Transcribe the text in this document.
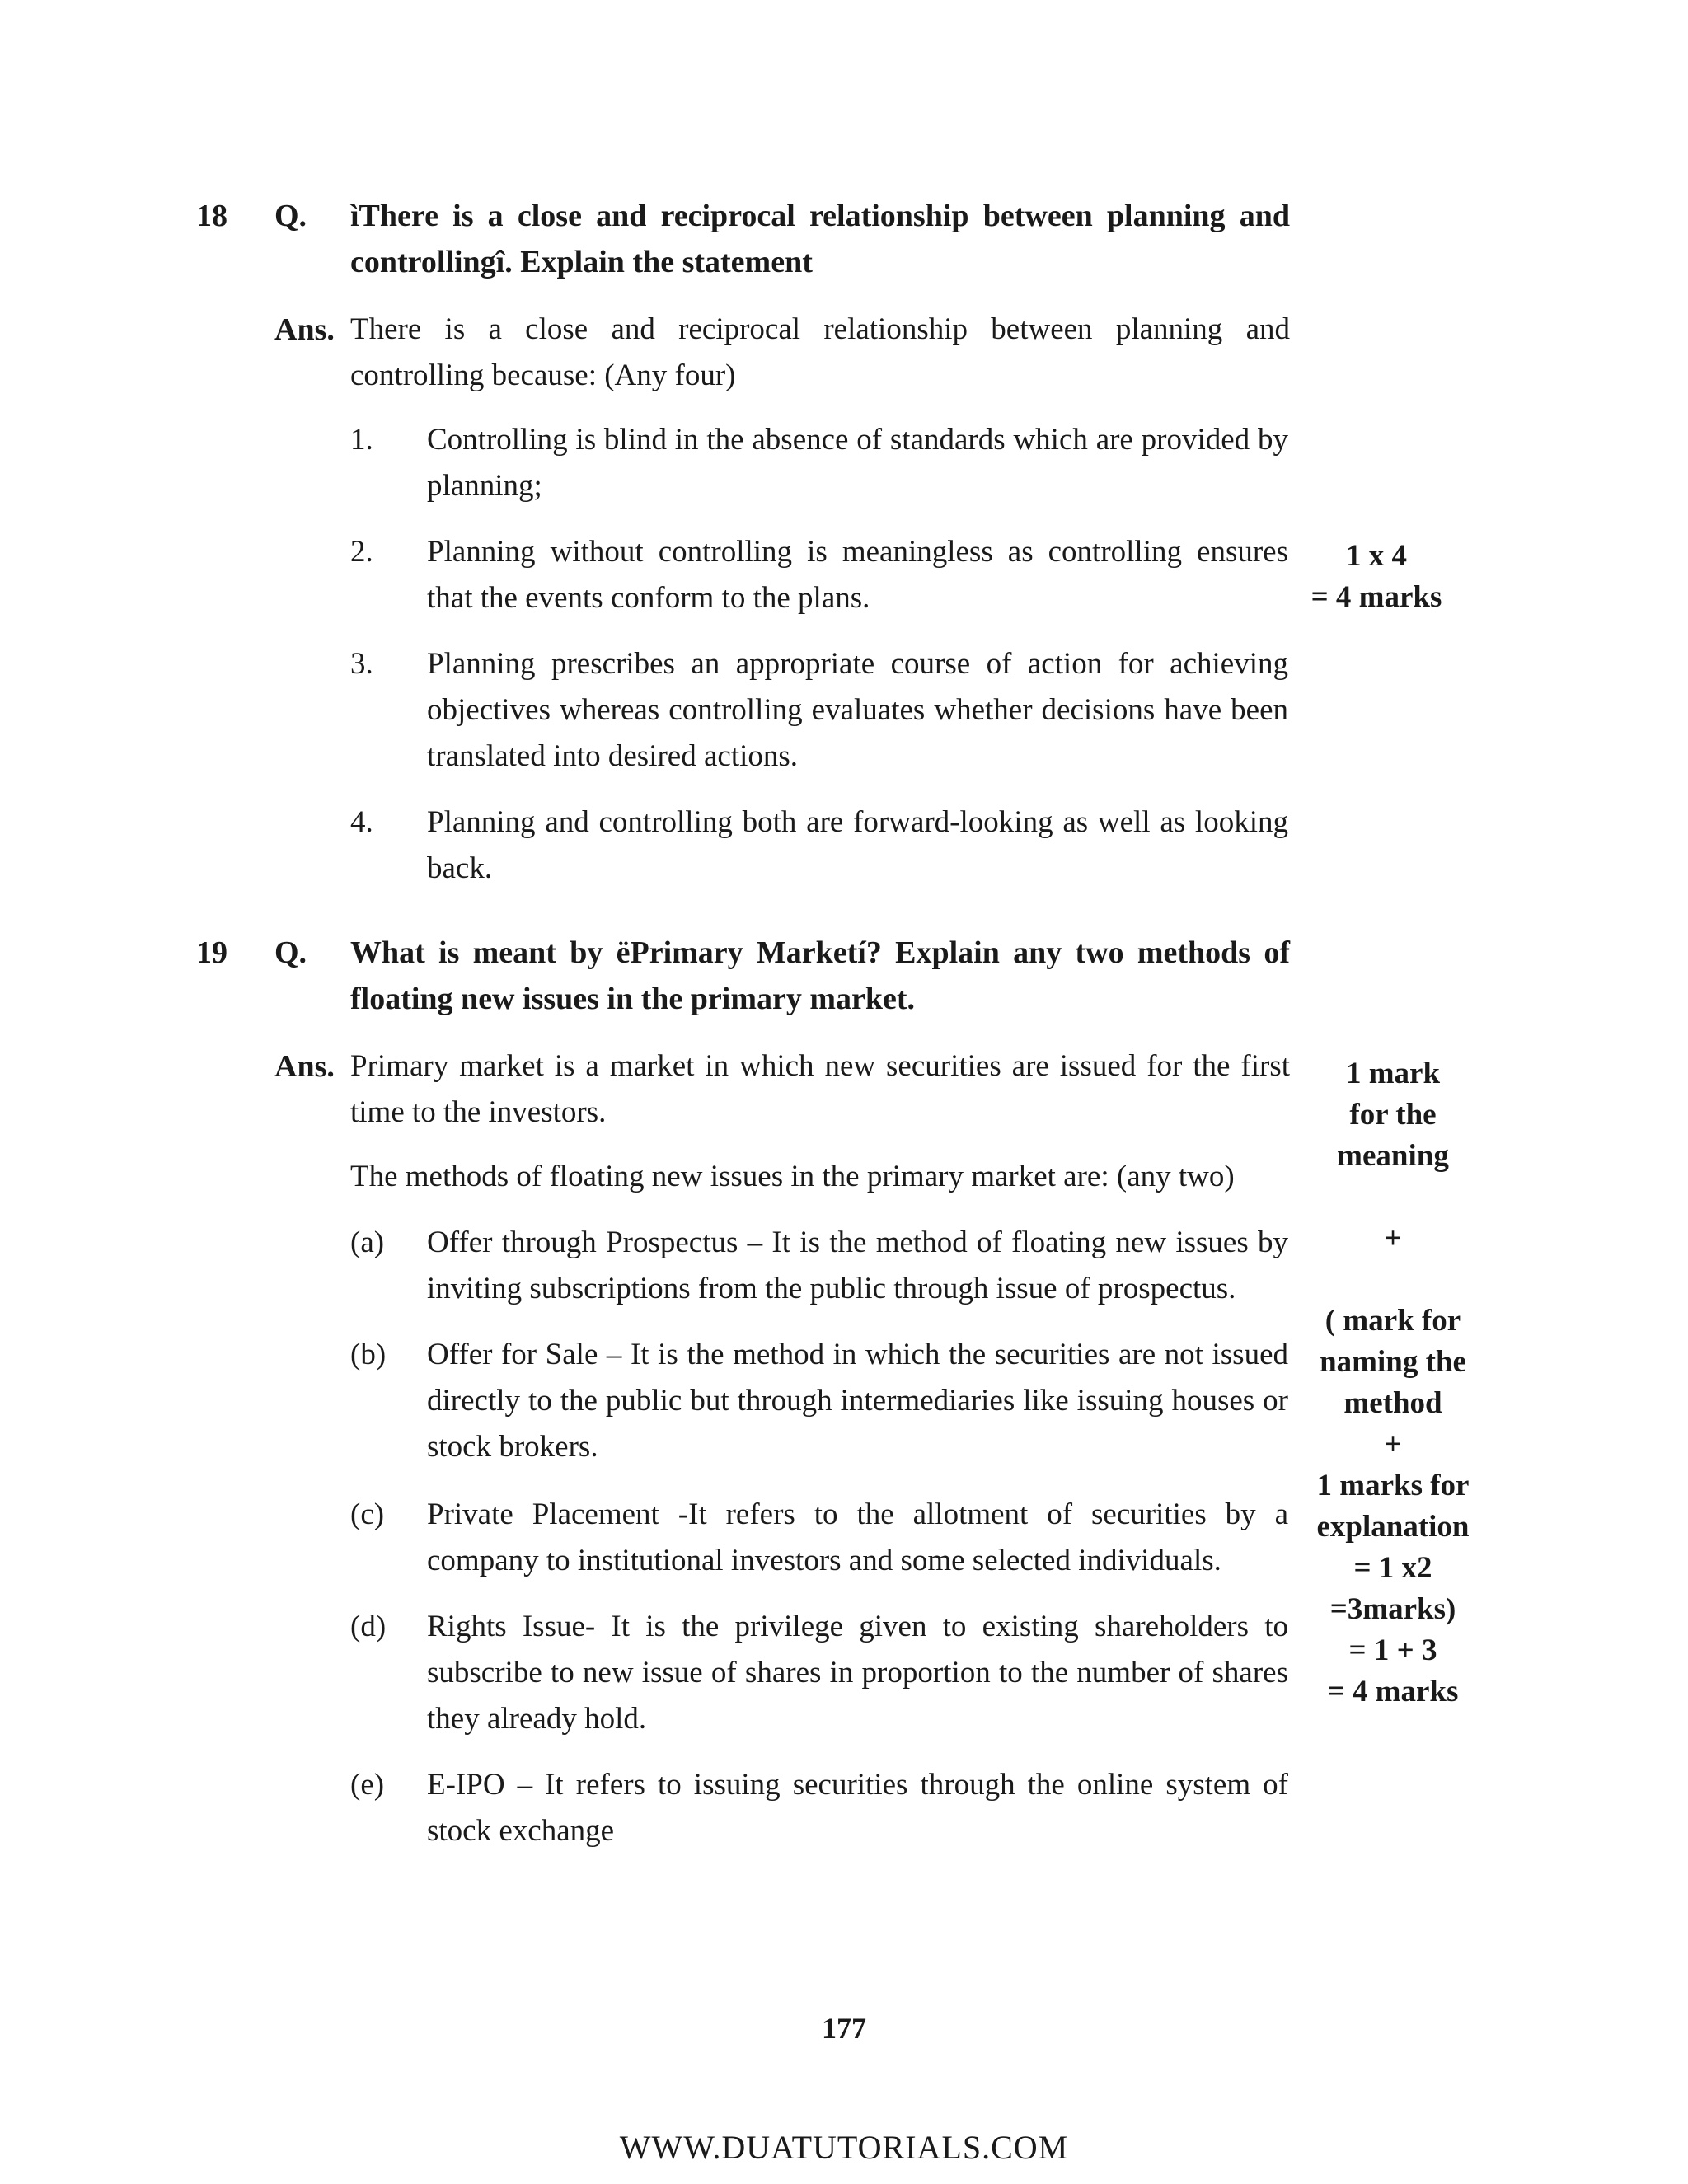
18 Q. ìThere is a close and reciprocal relationship between planning and
controllingî. Explain the statement
Ans. There is a close and reciprocal relationship between planning and controlling because: (Any four)
1. Controlling is blind in the absence of standards which are provided by planning;
2. Planning without controlling is meaningless as controlling ensures that the events conform to the plans.
3. Planning prescribes an appropriate course of action for achieving objectives whereas controlling evaluates whether decisions have been translated into desired actions.
4. Planning and controlling both are forward-looking as well as looking back.
1 x 4
= 4 marks
19 Q. What is meant by ëPrimary Marketí? Explain any two methods of
floating new issues in the primary market.
Ans. Primary market is a market in which new securities are issued for the first time to the investors.
The methods of floating new issues in the primary market are: (any two)
(a) Offer through Prospectus – It is the method of floating new issues by inviting subscriptions from the public through issue of prospectus.
(b) Offer for Sale – It is the method in which the securities are not issued directly to the public but through intermediaries like issuing houses or stock brokers.
(c) Private Placement -It refers to the allotment of securities by a company to institutional investors and some selected individuals.
(d) Rights Issue- It is the privilege given to existing shareholders to subscribe to new issue of shares in proportion to the number of shares they already hold.
(e) E-IPO – It refers to issuing securities through the online system of stock exchange
1 mark
for the
meaning
+
( mark for
naming the
method
+
1 marks for
explanation
= 1 x2
=3marks)
= 1 + 3
= 4 marks
177
WWW.DUATUTORIALS.COM
